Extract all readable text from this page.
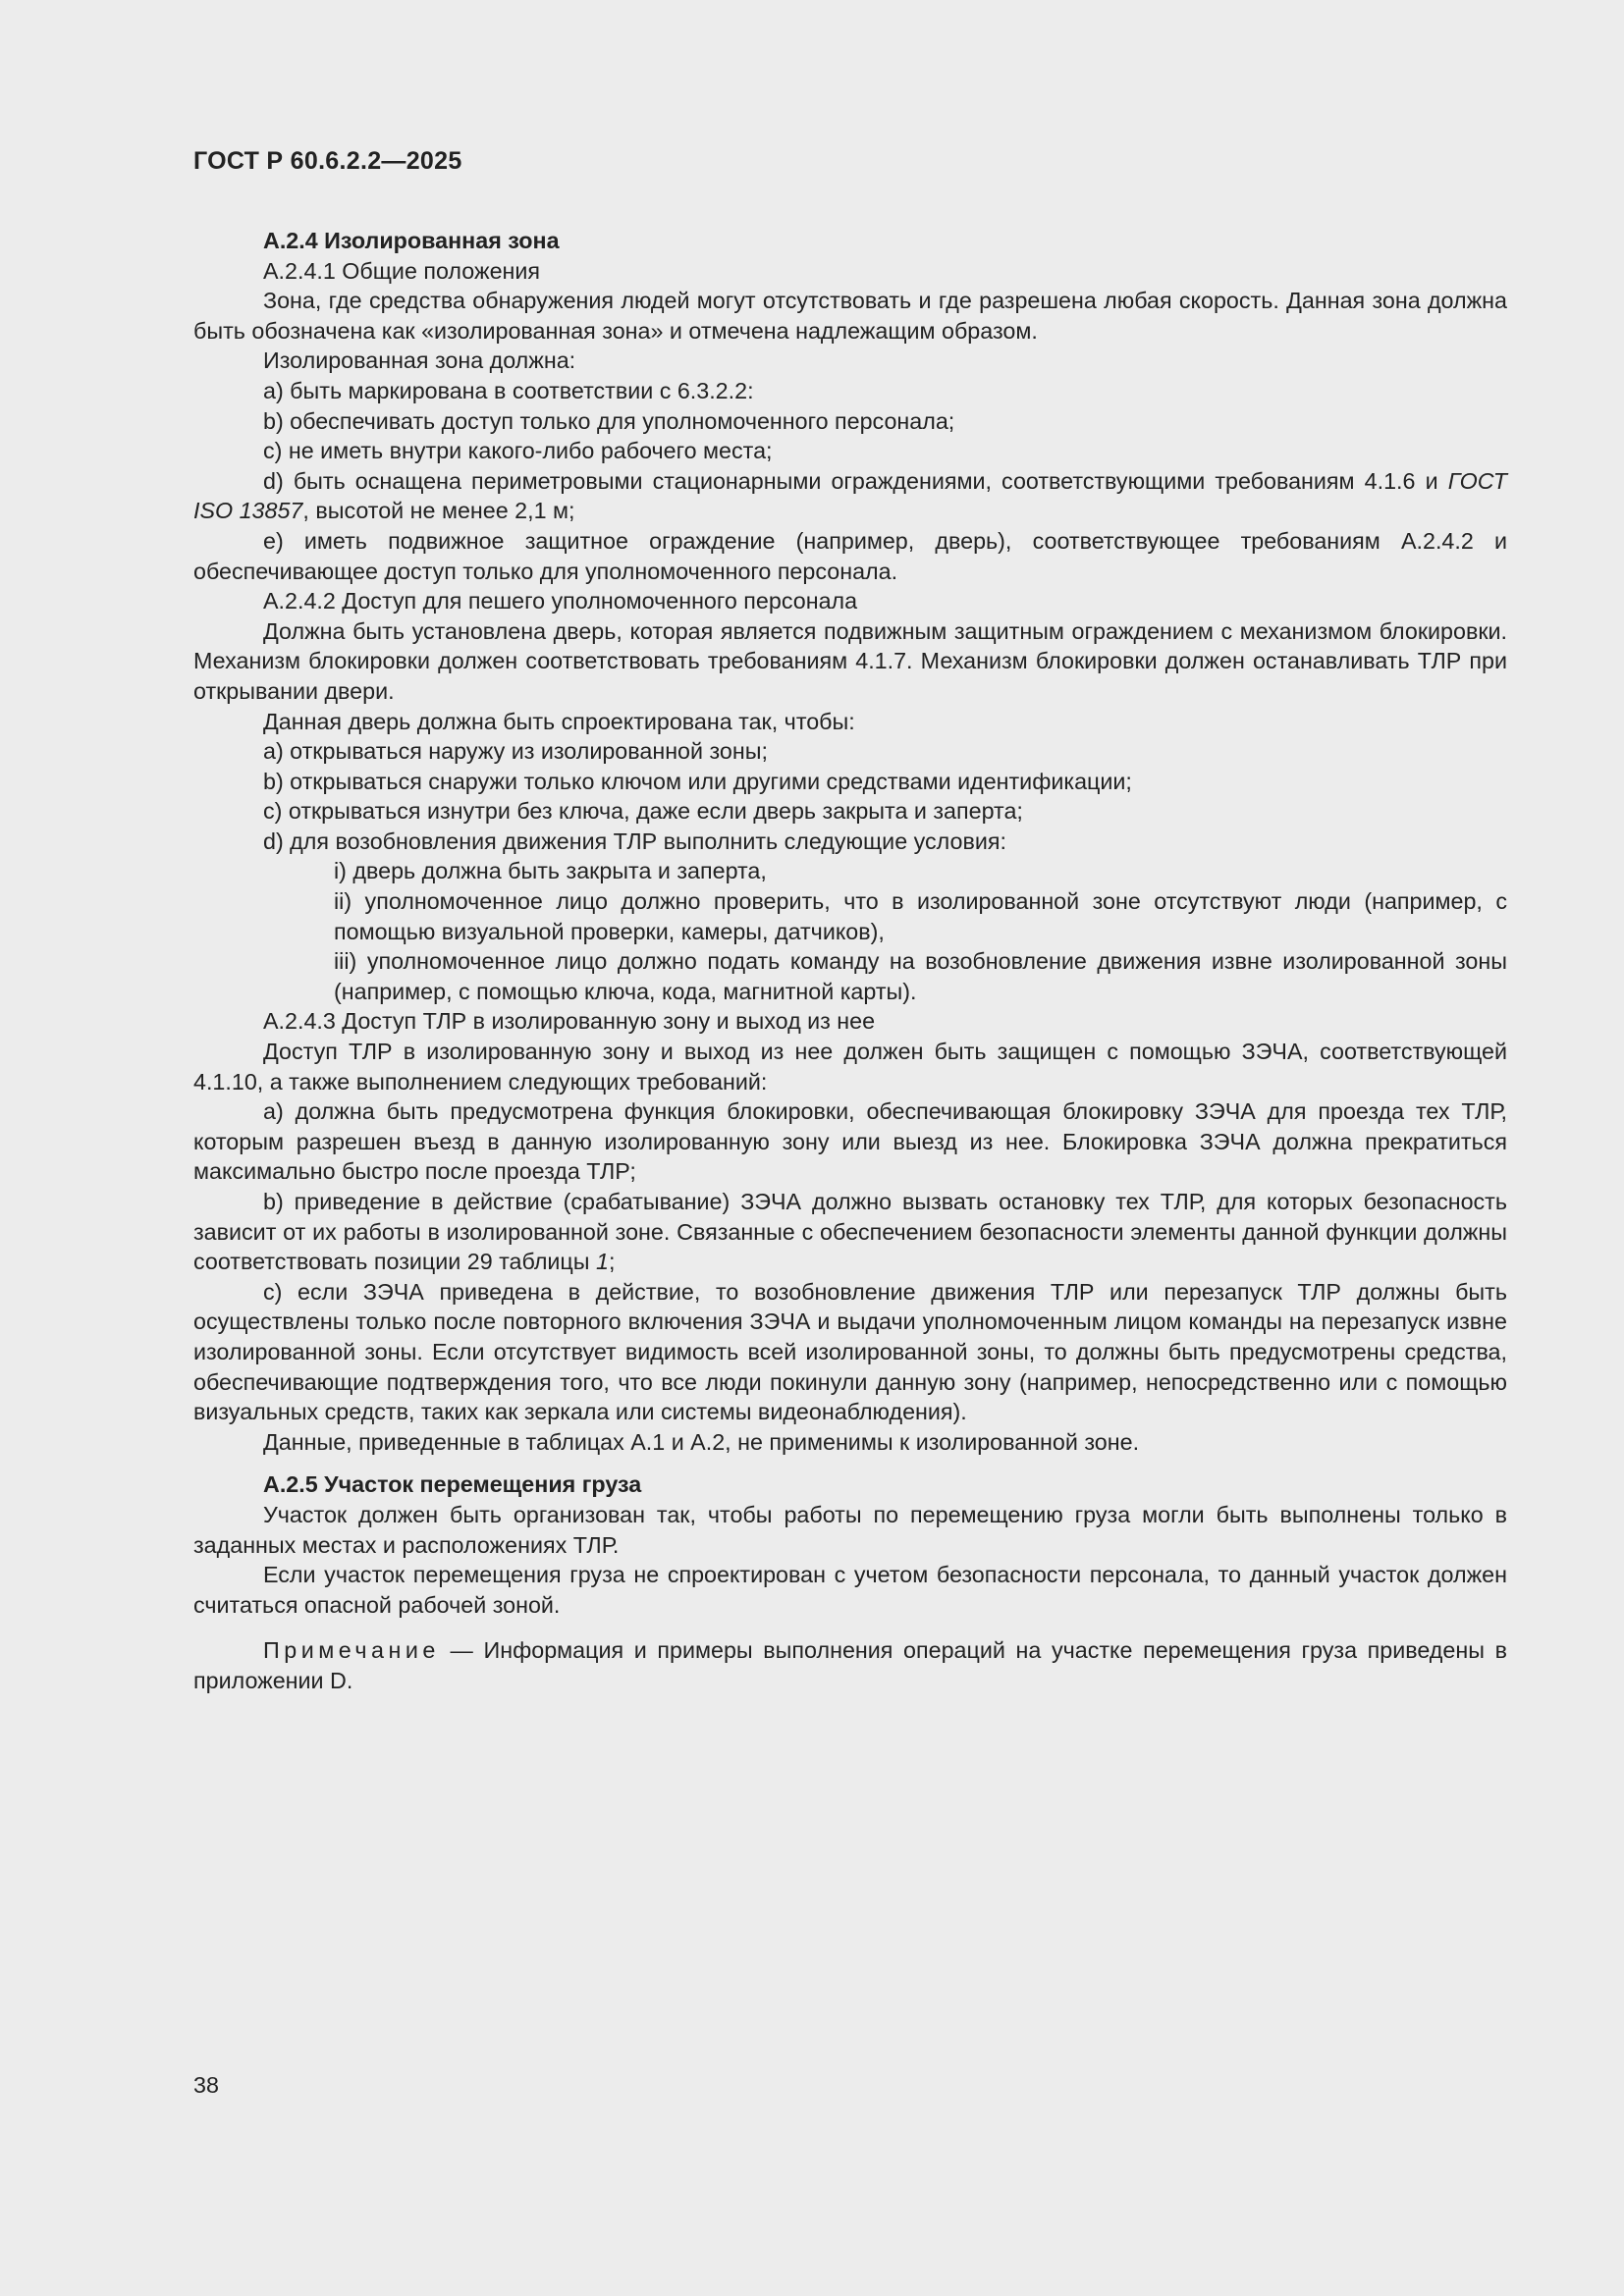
ГОСТ Р 60.6.2.2—2025

А.2.4 Изолированная зона

А.2.4.1 Общие положения

Зона, где средства обнаружения людей могут отсутствовать и где разрешена любая скорость. Данная зона должна быть обозначена как «изолированная зона» и отмечена надлежащим образом.

Изолированная зона должна:

a) быть маркирована в соответствии с 6.3.2.2:

b) обеспечивать доступ только для уполномоченного персонала;

c) не иметь внутри какого-либо рабочего места;

d) быть оснащена периметровыми стационарными ограждениями, соответствующими требованиям 4.1.6 и ГОСТ ISO 13857, высотой не менее 2,1 м;

e) иметь подвижное защитное ограждение (например, дверь), соответствующее требованиям А.2.4.2 и обеспечивающее доступ только для уполномоченного персонала.

А.2.4.2 Доступ для пешего уполномоченного персонала

Должна быть установлена дверь, которая является подвижным защитным ограждением с механизмом блокировки. Механизм блокировки должен соответствовать требованиям 4.1.7. Механизм блокировки должен останавливать ТЛР при открывании двери.

Данная дверь должна быть спроектирована так, чтобы:

a) открываться наружу из изолированной зоны;

b) открываться снаружи только ключом или другими средствами идентификации;

c) открываться изнутри без ключа, даже если дверь закрыта и заперта;

d) для возобновления движения ТЛР выполнить следующие условия:

i) дверь должна быть закрыта и заперта,

ii) уполномоченное лицо должно проверить, что в изолированной зоне отсутствуют люди (например, с помощью визуальной проверки, камеры, датчиков),

iii) уполномоченное лицо должно подать команду на возобновление движения извне изолированной зоны (например, с помощью ключа, кода, магнитной карты).

А.2.4.3 Доступ ТЛР в изолированную зону и выход из нее

Доступ ТЛР в изолированную зону и выход из нее должен быть защищен с помощью ЗЭЧА, соответствующей 4.1.10, а также выполнением следующих требований:

a) должна быть предусмотрена функция блокировки, обеспечивающая блокировку ЗЭЧА для проезда тех ТЛР, которым разрешен въезд в данную изолированную зону или выезд из нее. Блокировка ЗЭЧА должна прекратиться максимально быстро после проезда ТЛР;

b) приведение в действие (срабатывание) ЗЭЧА должно вызвать остановку тех ТЛР, для которых безопасность зависит от их работы в изолированной зоне. Связанные с обеспечением безопасности элементы данной функции должны соответствовать позиции 29 таблицы 1;

c) если ЗЭЧА приведена в действие, то возобновление движения ТЛР или перезапуск ТЛР должны быть осуществлены только после повторного включения ЗЭЧА и выдачи уполномоченным лицом команды на перезапуск извне изолированной зоны. Если отсутствует видимость всей изолированной зоны, то должны быть предусмотрены средства, обеспечивающие подтверждения того, что все люди покинули данную зону (например, непосредственно или с помощью визуальных средств, таких как зеркала или системы видеонаблюдения).

Данные, приведенные в таблицах А.1 и А.2, не применимы к изолированной зоне.

А.2.5 Участок перемещения груза

Участок должен быть организован так, чтобы работы по перемещению груза могли быть выполнены только в заданных местах и расположениях ТЛР.

Если участок перемещения груза не спроектирован с учетом безопасности персонала, то данный участок должен считаться опасной рабочей зоной.

Примечание — Информация и примеры выполнения операций на участке перемещения груза приведены в приложении D.

38
